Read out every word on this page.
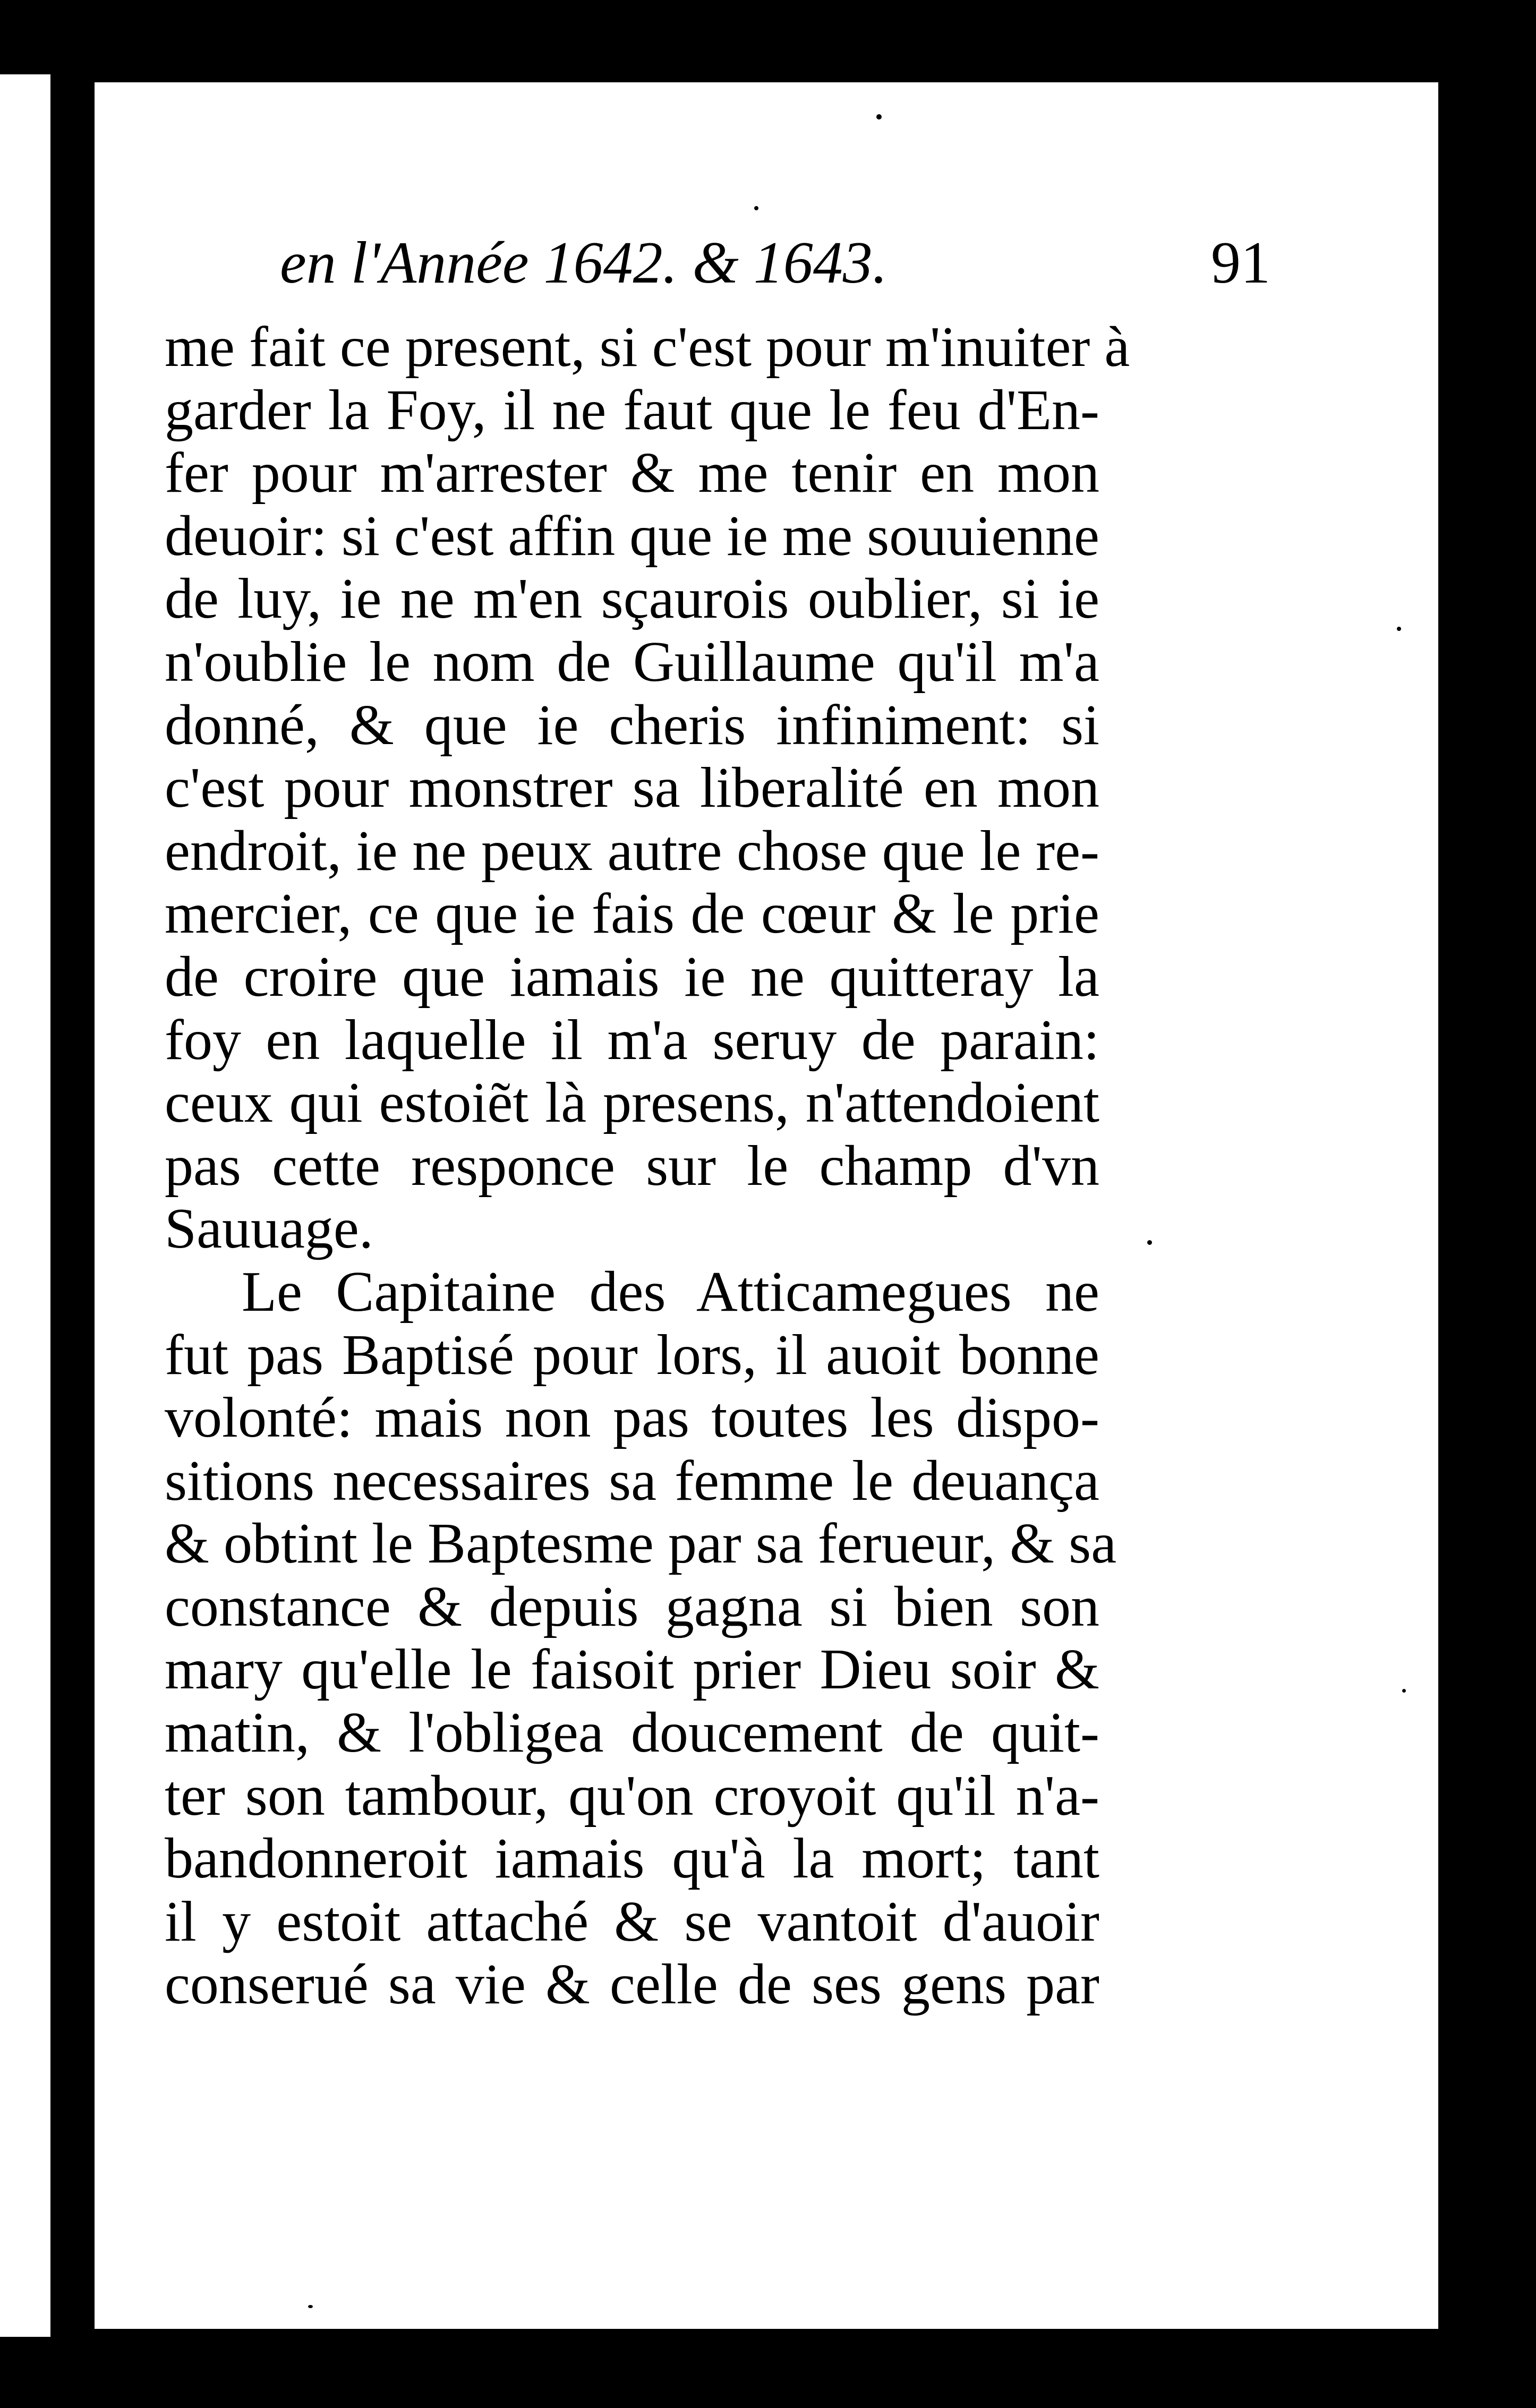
en l'Année 1642. & 1643.	91
me fait ce present, si c'est pour m'inuiter à
garder la Foy, il ne faut que le feu d'En-
fer pour m'arrester & me tenir en mon
deuoir: si c'est affin que ie me souuienne
de luy, ie ne m'en sçaurois oublier, si ie
n'oublie le nom de Guillaume qu'il m'a
donné, & que ie cheris infiniment: si
c'est pour monstrer sa liberalité en mon
endroit, ie ne peux autre chose que le re-
mercier, ce que ie fais de cœur & le prie
de croire que iamais ie ne quitteray la
foy en laquelle il m'a seruy de parain:
ceux qui estoiẽt là presens, n'attendoient
pas cette responce sur le champ d'vn
Sauuage.
Le Capitaine des Atticamegues ne
fut pas Baptisé pour lors, il auoit bonne
volonté: mais non pas toutes les dispo-
sitions necessaires sa femme le deuança
& obtint le Baptesme par sa ferueur, & sa
constance & depuis gagna si bien son
mary qu'elle le faisoit prier Dieu soir &
matin, & l'obligea doucement de quit-
ter son tambour, qu'on croyoit qu'il n'a-
bandonneroit iamais qu'à la mort; tant
il y estoit attaché & se vantoit d'auoir
conserué sa vie & celle de ses gens par
